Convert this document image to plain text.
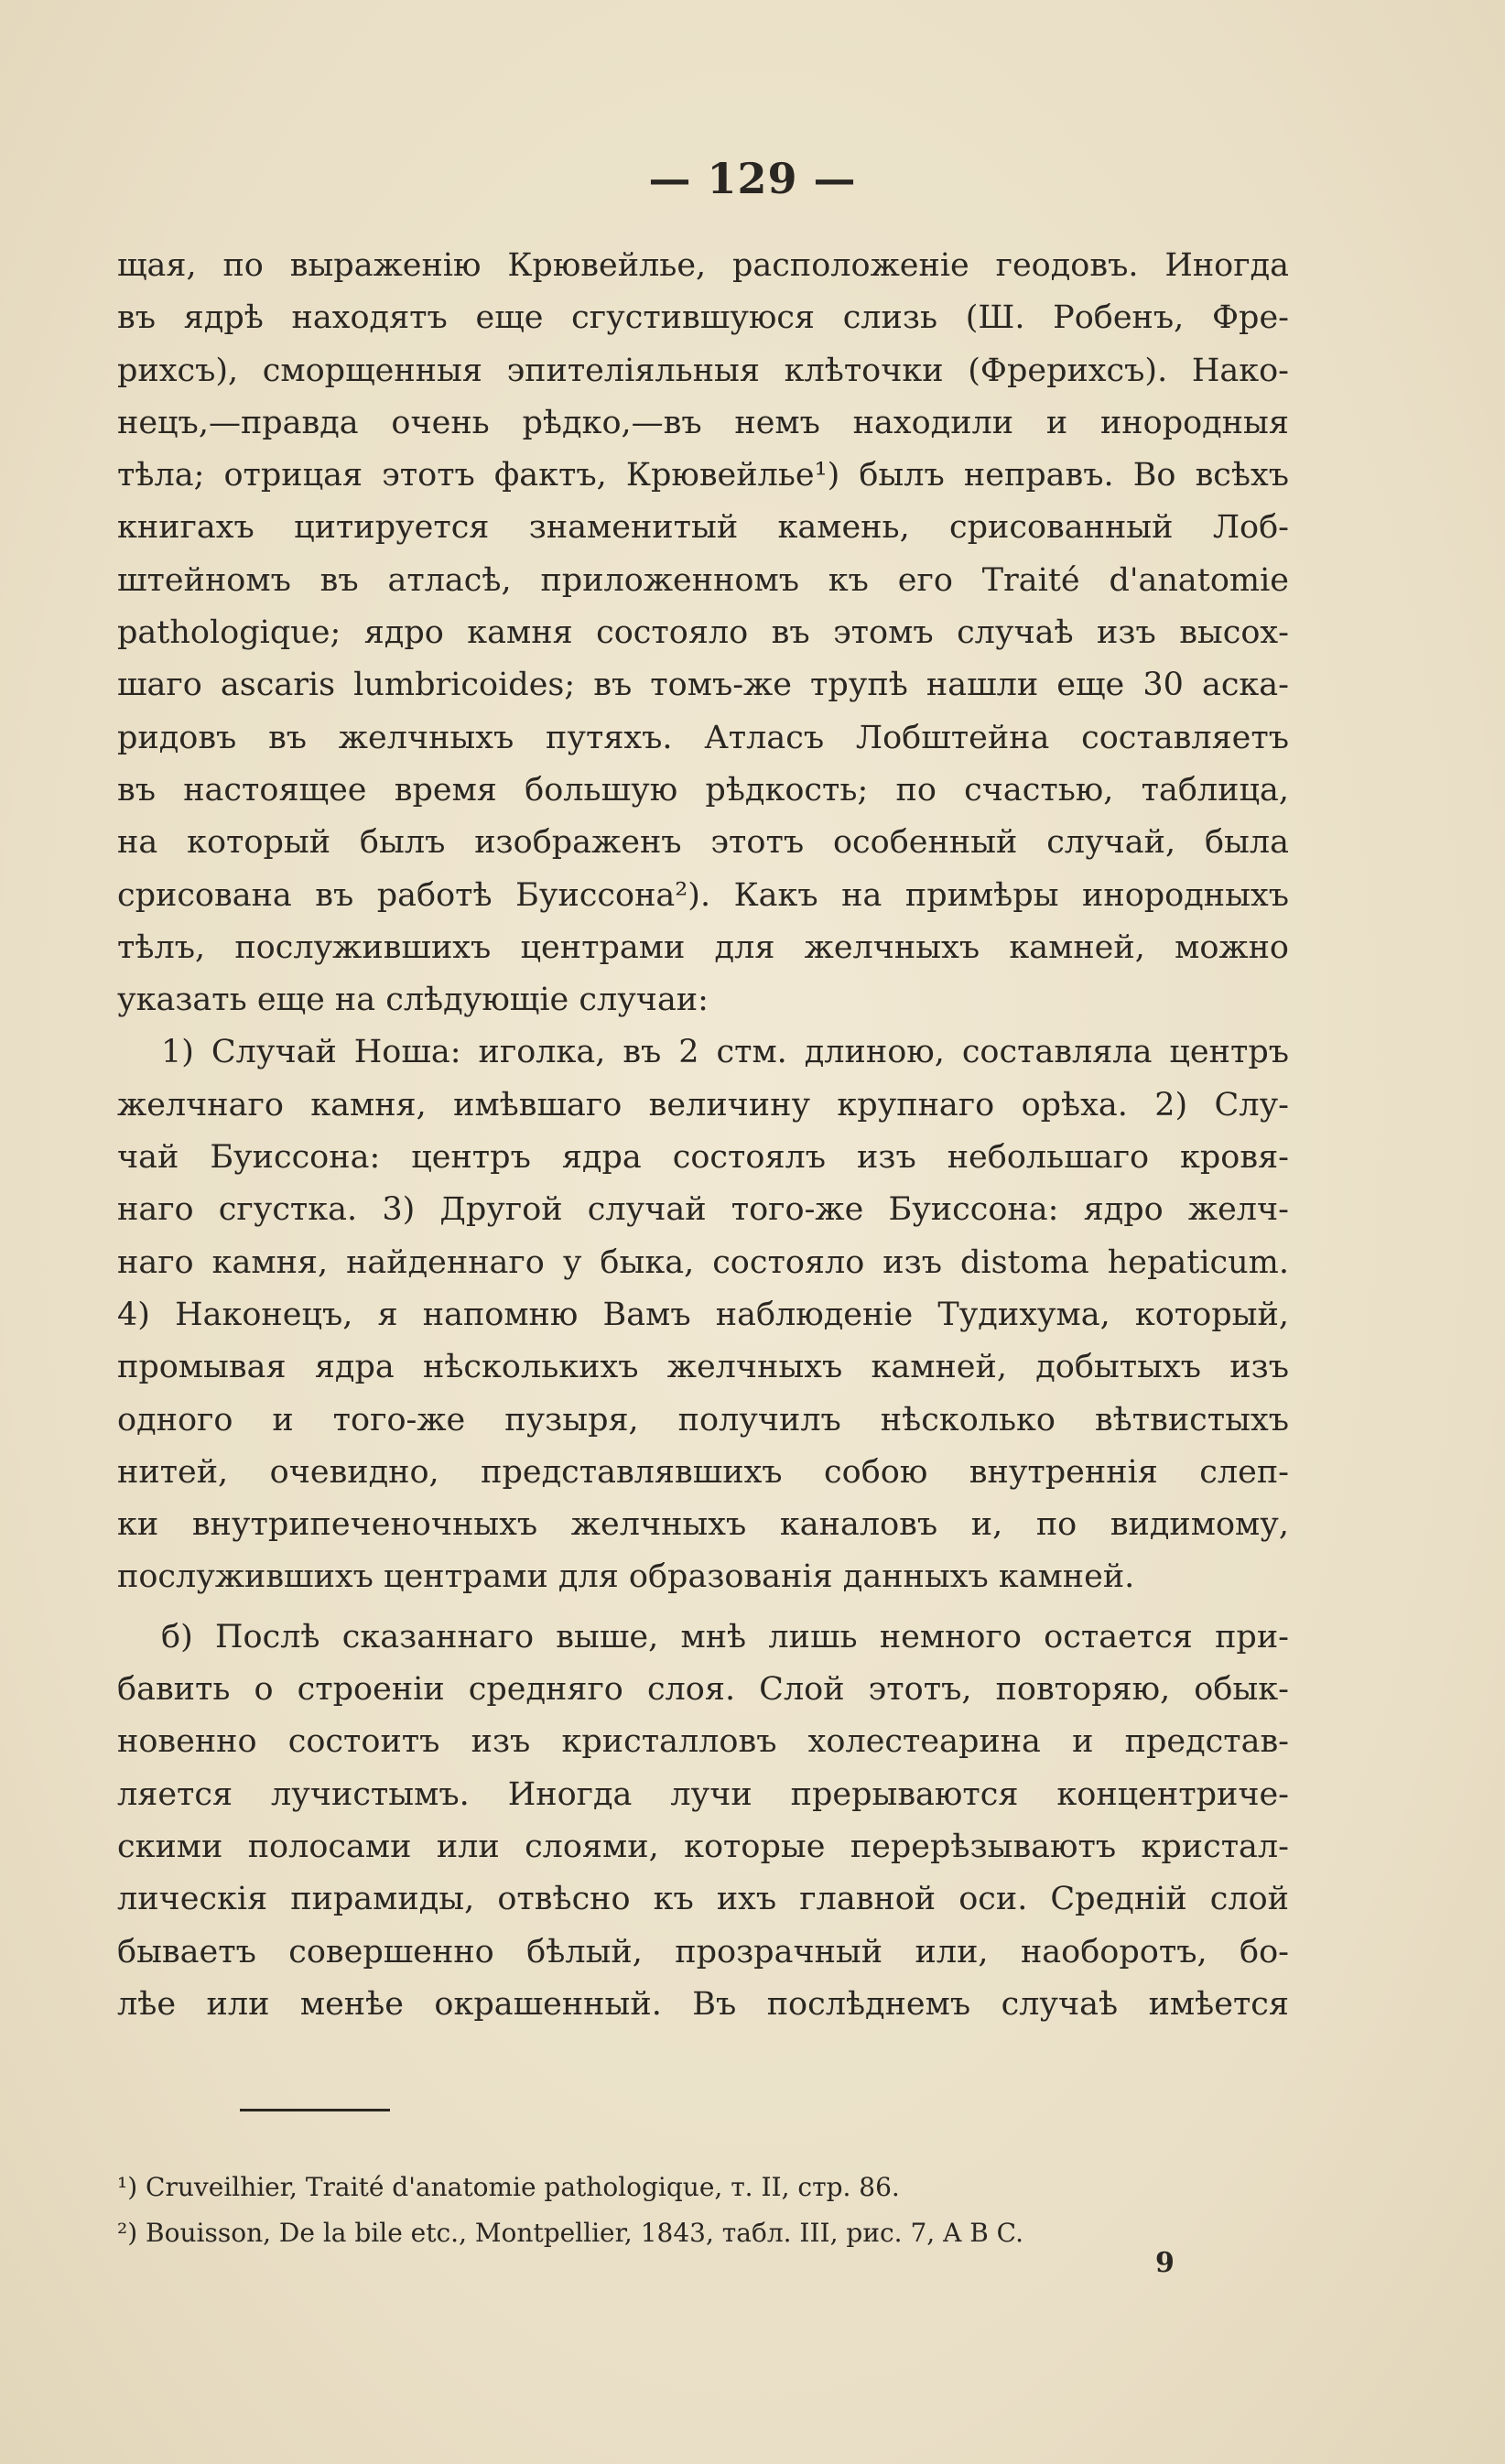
— 129 —
щая, по выраженію Крювейлье, расположеніе геодовъ. Иногда
въ ядрѣ находятъ еще сгустившуюся слизь (Ш. Робенъ, Фре-
рихсъ), сморщенныя эпителіяльныя клѣточки (Фрерихсъ). Нако-
нецъ,—правда очень рѣдко,—въ немъ находили и инородныя
тѣла; отрицая этотъ фактъ, Крювейлье¹) былъ неправъ. Во всѣхъ
книгахъ цитируется знаменитый камень, срисованный Лоб-
штейномъ въ атласѣ, приложенномъ къ его Traité d'anatomie
pathologique; ядро камня состояло въ этомъ случаѣ изъ высох-
шаго ascaris lumbricoides; въ томъ-же трупѣ нашли еще 30 аска-
ридовъ въ желчныхъ путяхъ. Атласъ Лобштейна составляетъ
въ настоящее время большую рѣдкость; по счастью, таблица,
на который былъ изображенъ этотъ особенный случай, была
срисована въ работѣ Буиссона²). Какъ на примѣры инородныхъ
тѣлъ, послужившихъ центрами для желчныхъ камней, можно
указать еще на слѣдующіе случаи:
1) Случай Ноша: иголка, въ 2 стм. длиною, составляла центръ
желчнаго камня, имѣвшаго величину крупнаго орѣха. 2) Слу-
чай Буиссона: центръ ядра состоялъ изъ небольшаго кровя-
наго сгустка. 3) Другой случай того-же Буиссона: ядро желч-
наго камня, найденнаго у быка, состояло изъ distoma hepaticum.
4) Наконецъ, я напомню Вамъ наблюденіе Тудихума, который,
промывая ядра нѣсколькихъ желчныхъ камней, добытыхъ изъ
одного и того-же пузыря, получилъ нѣсколько вѣтвистыхъ
нитей, очевидно, представлявшихъ собою внутреннія слеп-
ки внутрипеченочныхъ желчныхъ каналовъ и, по видимому,
послужившихъ центрами для образованія данныхъ камней.
б) Послѣ сказаннаго выше, мнѣ лишь немного остается при-
бавить о строеніи средняго слоя. Слой этотъ, повторяю, обык-
новенно состоитъ изъ кристалловъ холестеарина и представ-
ляется лучистымъ. Иногда лучи прерываются концентриче-
скими полосами или слоями, которые перерѣзываютъ кристал-
лическія пирамиды, отвѣсно къ ихъ главной оси. Средній слой
бываетъ совершенно бѣлый, прозрачный или, наоборотъ, бо-
лѣе или менѣе окрашенный. Въ послѣднемъ случаѣ имѣется
¹) Cruveilhier, Traité d'anatomie pathologique, т. II, стр. 86.
²) Bouisson, De la bile etc., Montpellier, 1843, табл. III, рис. 7, A B C.
9
